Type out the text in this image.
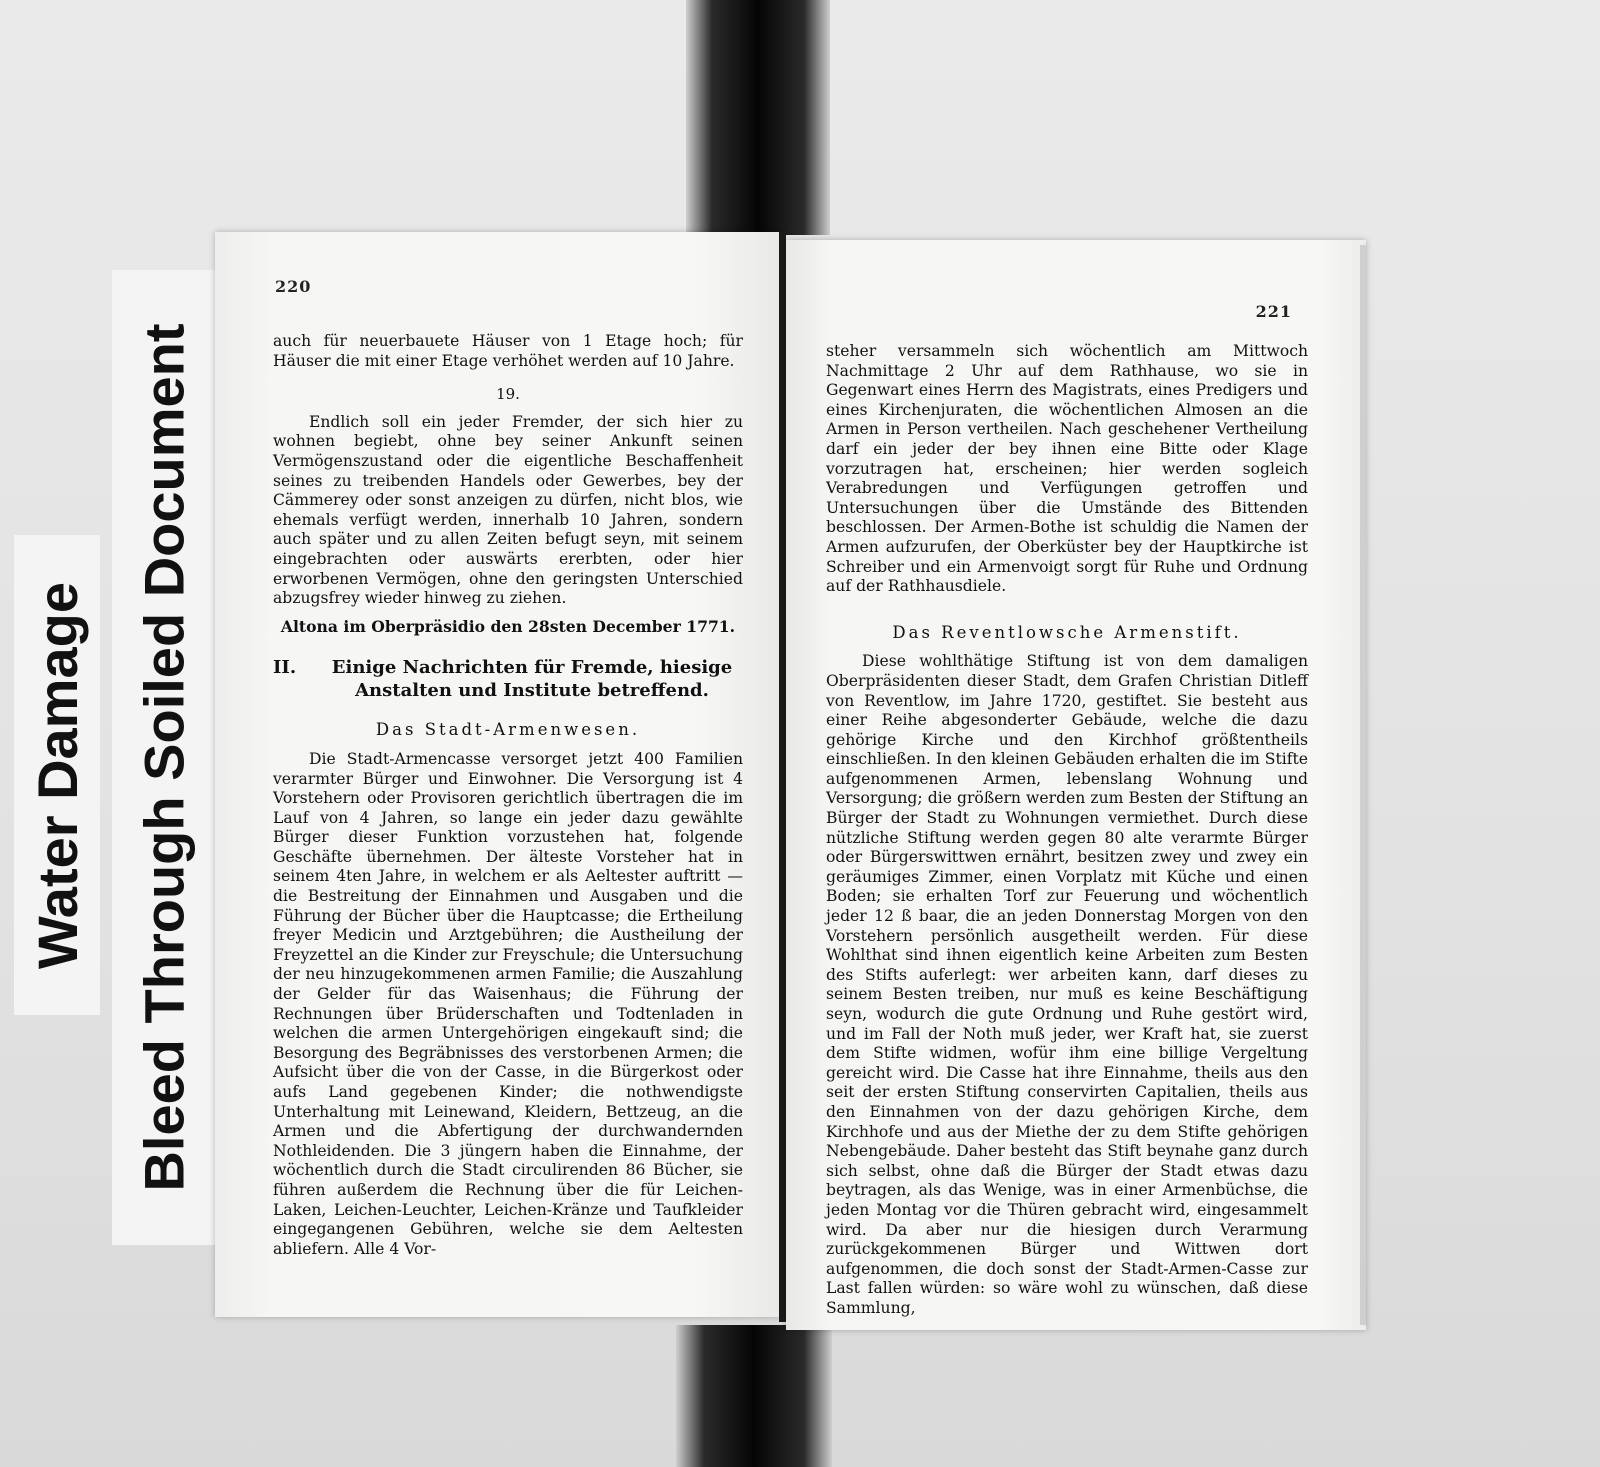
Water Damage Bleed Through Soiled Document
220

auch für neuerbauete Häuser von 1 Etage hoch; für Häuser die mit einer Etage verhöhet werden auf 10 Jahre.

19.

Endlich soll ein jeder Fremder, der sich hier zu wohnen begiebt, ohne bey seiner Ankunft seinen Vermögenszustand oder die eigentliche Beschaffenheit seines zu treibenden Handels oder Gewerbes, bey der Cämmerey oder sonst anzeigen zu dürfen, nicht blos, wie ehemals verfügt werden, innerhalb 10 Jahren, sondern auch später und zu allen Zeiten befugt seyn, mit seinem eingebrachten oder auswärts ererbten, oder hier erworbenen Vermögen, ohne den geringsten Unterschied abzugsfrey wieder hinweg zu ziehen.

Altona im Oberpräsidio den 28sten December 1771.
II.	Einige Nachrichten für Fremde, hiesige Anstalten und Institute betreffend.
Das Stadt-Armenwesen.

Die Stadt-Armencasse versorget jetzt 400 Familien verarmter Bürger und Einwohner. Die Versorgung ist 4 Vorstehern oder Provisoren gerichtlich übertragen die im Lauf von 4 Jahren, so lange ein jeder dazu gewählte Bürger dieser Funktion vorzustehen hat, folgende Geschäfte übernehmen. Der älteste Vorsteher hat in seinem 4ten Jahre, in welchem er als Aeltester auftritt — die Bestreitung der Einnahmen und Ausgaben und die Führung der Bücher über die Hauptcasse; die Ertheilung freyer Medicin und Arztgebühren; die Austheilung der Freyzettel an die Kinder zur Freyschule; die Untersuchung der neu hinzugekommenen armen Familie; die Auszahlung der Gelder für das Waisenhaus; die Führung der Rechnungen über Brüderschaften und Todtenladen in welchen die armen Untergehörigen eingekauft sind; die Besorgung des Begräbnisses des verstorbenen Armen; die Aufsicht über die von der Casse, in die Bürgerkost oder aufs Land gegebenen Kinder; die nothwendigste Unterhaltung mit Leinewand, Kleidern, Bettzeug, an die Armen und die Abfertigung der durchwandernden Nothleidenden. Die 3 jüngern haben die Einnahme, der wöchentlich durch die Stadt circulirenden 86 Bücher, sie führen außerdem die Rechnung über die für Leichen-Laken, Leichen-Leuchter, Leichen-Kränze und Taufkleider eingegangenen Gebühren, welche sie dem Aeltesten abliefern. Alle 4 Vor-

221

steher versammeln sich wöchentlich am Mittwoch Nachmittage 2 Uhr auf dem Rathhause, wo sie in Gegenwart eines Herrn des Magistrats, eines Predigers und eines Kirchenjuraten, die wöchentlichen Almosen an die Armen in Person vertheilen. Nach geschehener Vertheilung darf ein jeder der bey ihnen eine Bitte oder Klage vorzutragen hat, erscheinen; hier werden sogleich Verabredungen und Verfügungen getroffen und Untersuchungen über die Umstände des Bittenden beschlossen. Der Armen-Bothe ist schuldig die Namen der Armen aufzurufen, der Oberküster bey der Hauptkirche ist Schreiber und ein Armenvoigt sorgt für Ruhe und Ordnung auf der Rathhausdiele.

Das Reventlowsche Armenstift.

Diese wohlthätige Stiftung ist von dem damaligen Oberpräsidenten dieser Stadt, dem Grafen Christian Ditleff von Reventlow, im Jahre 1720, gestiftet. Sie besteht aus einer Reihe abgesonderter Gebäude, welche die dazu gehörige Kirche und den Kirchhof größtentheils einschließen. In den kleinen Gebäuden erhalten die im Stifte aufgenommenen Armen, lebenslang Wohnung und Versorgung; die größern werden zum Besten der Stiftung an Bürger der Stadt zu Wohnungen vermiethet. Durch diese nützliche Stiftung werden gegen 80 alte verarmte Bürger oder Bürgerswittwen ernährt, besitzen zwey und zwey ein geräumiges Zimmer, einen Vorplatz mit Küche und einen Boden; sie erhalten Torf zur Feuerung und wöchentlich jeder 12 ß baar, die an jeden Donnerstag Morgen von den Vorstehern persönlich ausgetheilt werden. Für diese Wohlthat sind ihnen eigentlich keine Arbeiten zum Besten des Stifts auferlegt: wer arbeiten kann, darf dieses zu seinem Besten treiben, nur muß es keine Beschäftigung seyn, wodurch die gute Ordnung und Ruhe gestört wird, und im Fall der Noth muß jeder, wer Kraft hat, sie zuerst dem Stifte widmen, wofür ihm eine billige Vergeltung gereicht wird. Die Casse hat ihre Einnahme, theils aus den seit der ersten Stiftung conservirten Capitalien, theils aus den Einnahmen von der dazu gehörigen Kirche, dem Kirchhofe und aus der Miethe der zu dem Stifte gehörigen Nebengebäude. Daher besteht das Stift beynahe ganz durch sich selbst, ohne daß die Bürger der Stadt etwas dazu beytragen, als das Wenige, was in einer Armenbüchse, die jeden Montag vor die Thüren gebracht wird, eingesammelt wird. Da aber nur die hiesigen durch Verarmung zurückgekommenen Bürger und Wittwen dort aufgenommen, die doch sonst der Stadt-Armen-Casse zur Last fallen würden: so wäre wohl zu wünschen, daß diese Sammlung,
